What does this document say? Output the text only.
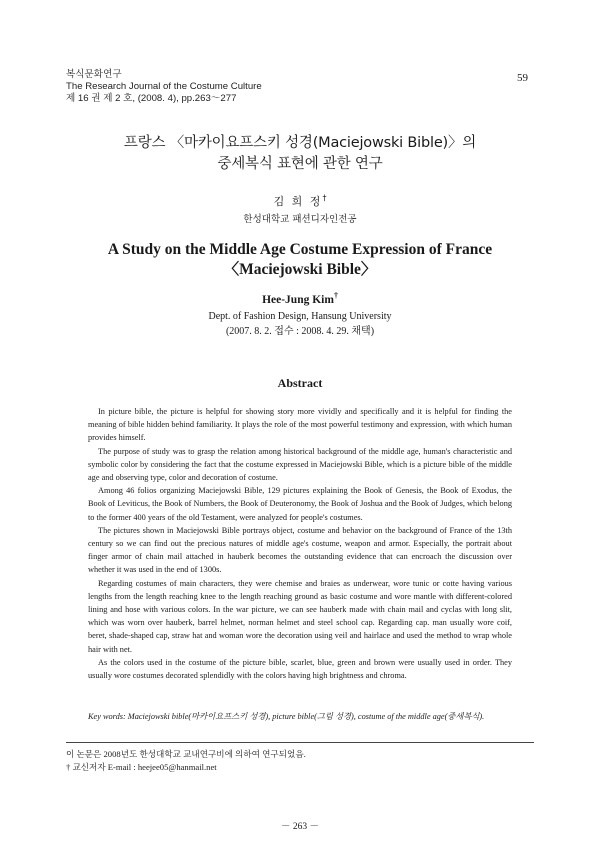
복식문화연구
The Research Journal of the Costume Culture
제 16 권 제 2 호, (2008. 4), pp.263～277
59
프랑스 〈마카이요프스키 성경(Maciejowski Bible)〉의
중세복식 표현에 관한 연구
김 희 정†
한성대학교 패션디자인전공
A Study on the Middle Age Costume Expression of France
〈Maciejowski Bible〉
Hee-Jung Kim†
Dept. of Fashion Design, Hansung University
(2007. 8. 2. 접수 : 2008. 4. 29. 채택)
Abstract

In picture bible, the picture is helpful for showing story more vividly and specifically and it is helpful for finding the meaning of bible hidden behind familiarity. It plays the role of the most powerful testimony and expression, with which human provides himself.

The purpose of study was to grasp the relation among historical background of the middle age, human's characteristic and symbolic color by considering the fact that the costume expressed in Maciejowski Bible, which is a picture bible of the middle age and observing type, color and decoration of costume.

Among 46 folios organizing Maciejowski Bible, 129 pictures explaining the Book of Genesis, the Book of Exodus, the Book of Leviticus, the Book of Numbers, the Book of Deuteronomy, the Book of Joshua and the Book of Judges, which belong to the former 400 years of the old Testament, were analyzed for people's costumes.

The pictures shown in Maciejowski Bible portrays object, costume and behavior on the background of France of the 13th century so we can find out the precious natures of middle age's costume, weapon and armor. Especially, the portrait about finger armor of chain mail attached in hauberk becomes the outstanding evidence that can encroach the discussion over whether it was used in the end of 1300s.

Regarding costumes of main characters, they were chemise and braies as underwear, wore tunic or cotte having various lengths from the length reaching knee to the length reaching ground as basic costume and wore mantle with different-colored lining and hose with various colors. In the war picture, we can see hauberk made with chain mail and cyclas with long slit, which was worn over hauberk, barrel helmet, norman helmet and steel school cap. Regarding cap. man usually wore coif, beret, shade-shaped cap, straw hat and woman wore the decoration using veil and hairlace and used the method to wrap whole hair with net.

As the colors used in the costume of the picture bible, scarlet, blue, green and brown were usually used in order. They usually wore costumes decorated splendidly with the colors having high brightness and chroma.

Key words: Maciejowski bible(마카이요프스키 성경), picture bible(그림 성경), costume of the middle age(중세복식).
이 논문은 2008년도 한성대학교 교내연구비에 의하여 연구되었음.
† 교신저자 E-mail : heejee05@hanmail.net
－ 263 －
